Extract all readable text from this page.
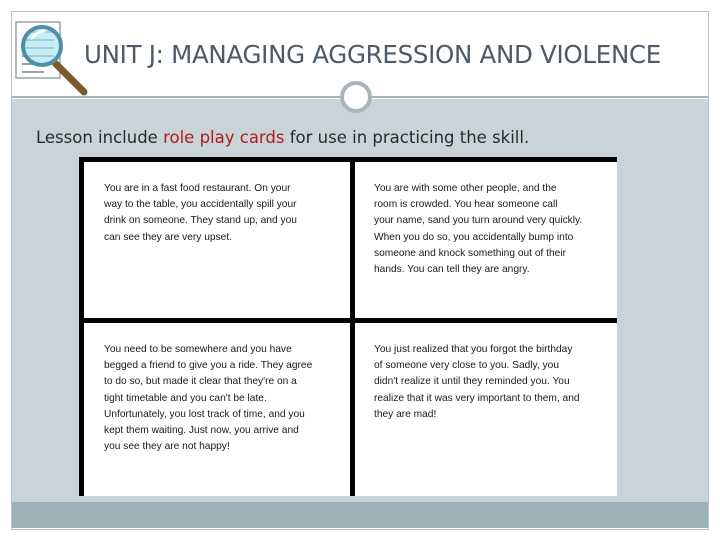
UNIT J: MANAGING AGGRESSION AND VIOLENCE
Lesson include role play cards for use in practicing the skill.

You are in a fast food restaurant. On your

way to the table, you accidentally spill your

drink on someone. They stand up, and you

can see they are very upset.

You are with some other people, and the

room is crowded. You hear someone call

your name, sand you turn around very quickly.

When you do so, you accidentally bump into

someone and knock something out of their

hands. You can tell they are angry.

You need to be somewhere and you have

begged a friend to give you a ride. They agree

to do so, but made it clear that they're on a

tight timetable and you can't be late.

Unfortunately, you lost track of time, and you

kept them waiting. Just now, you arrive and

you see they are not happy!

You just realized that you forgot the birthday

of someone very close to you. Sadly, you

didn't realize it until they reminded you. You

realize that it was very important to them, and

they are mad!
